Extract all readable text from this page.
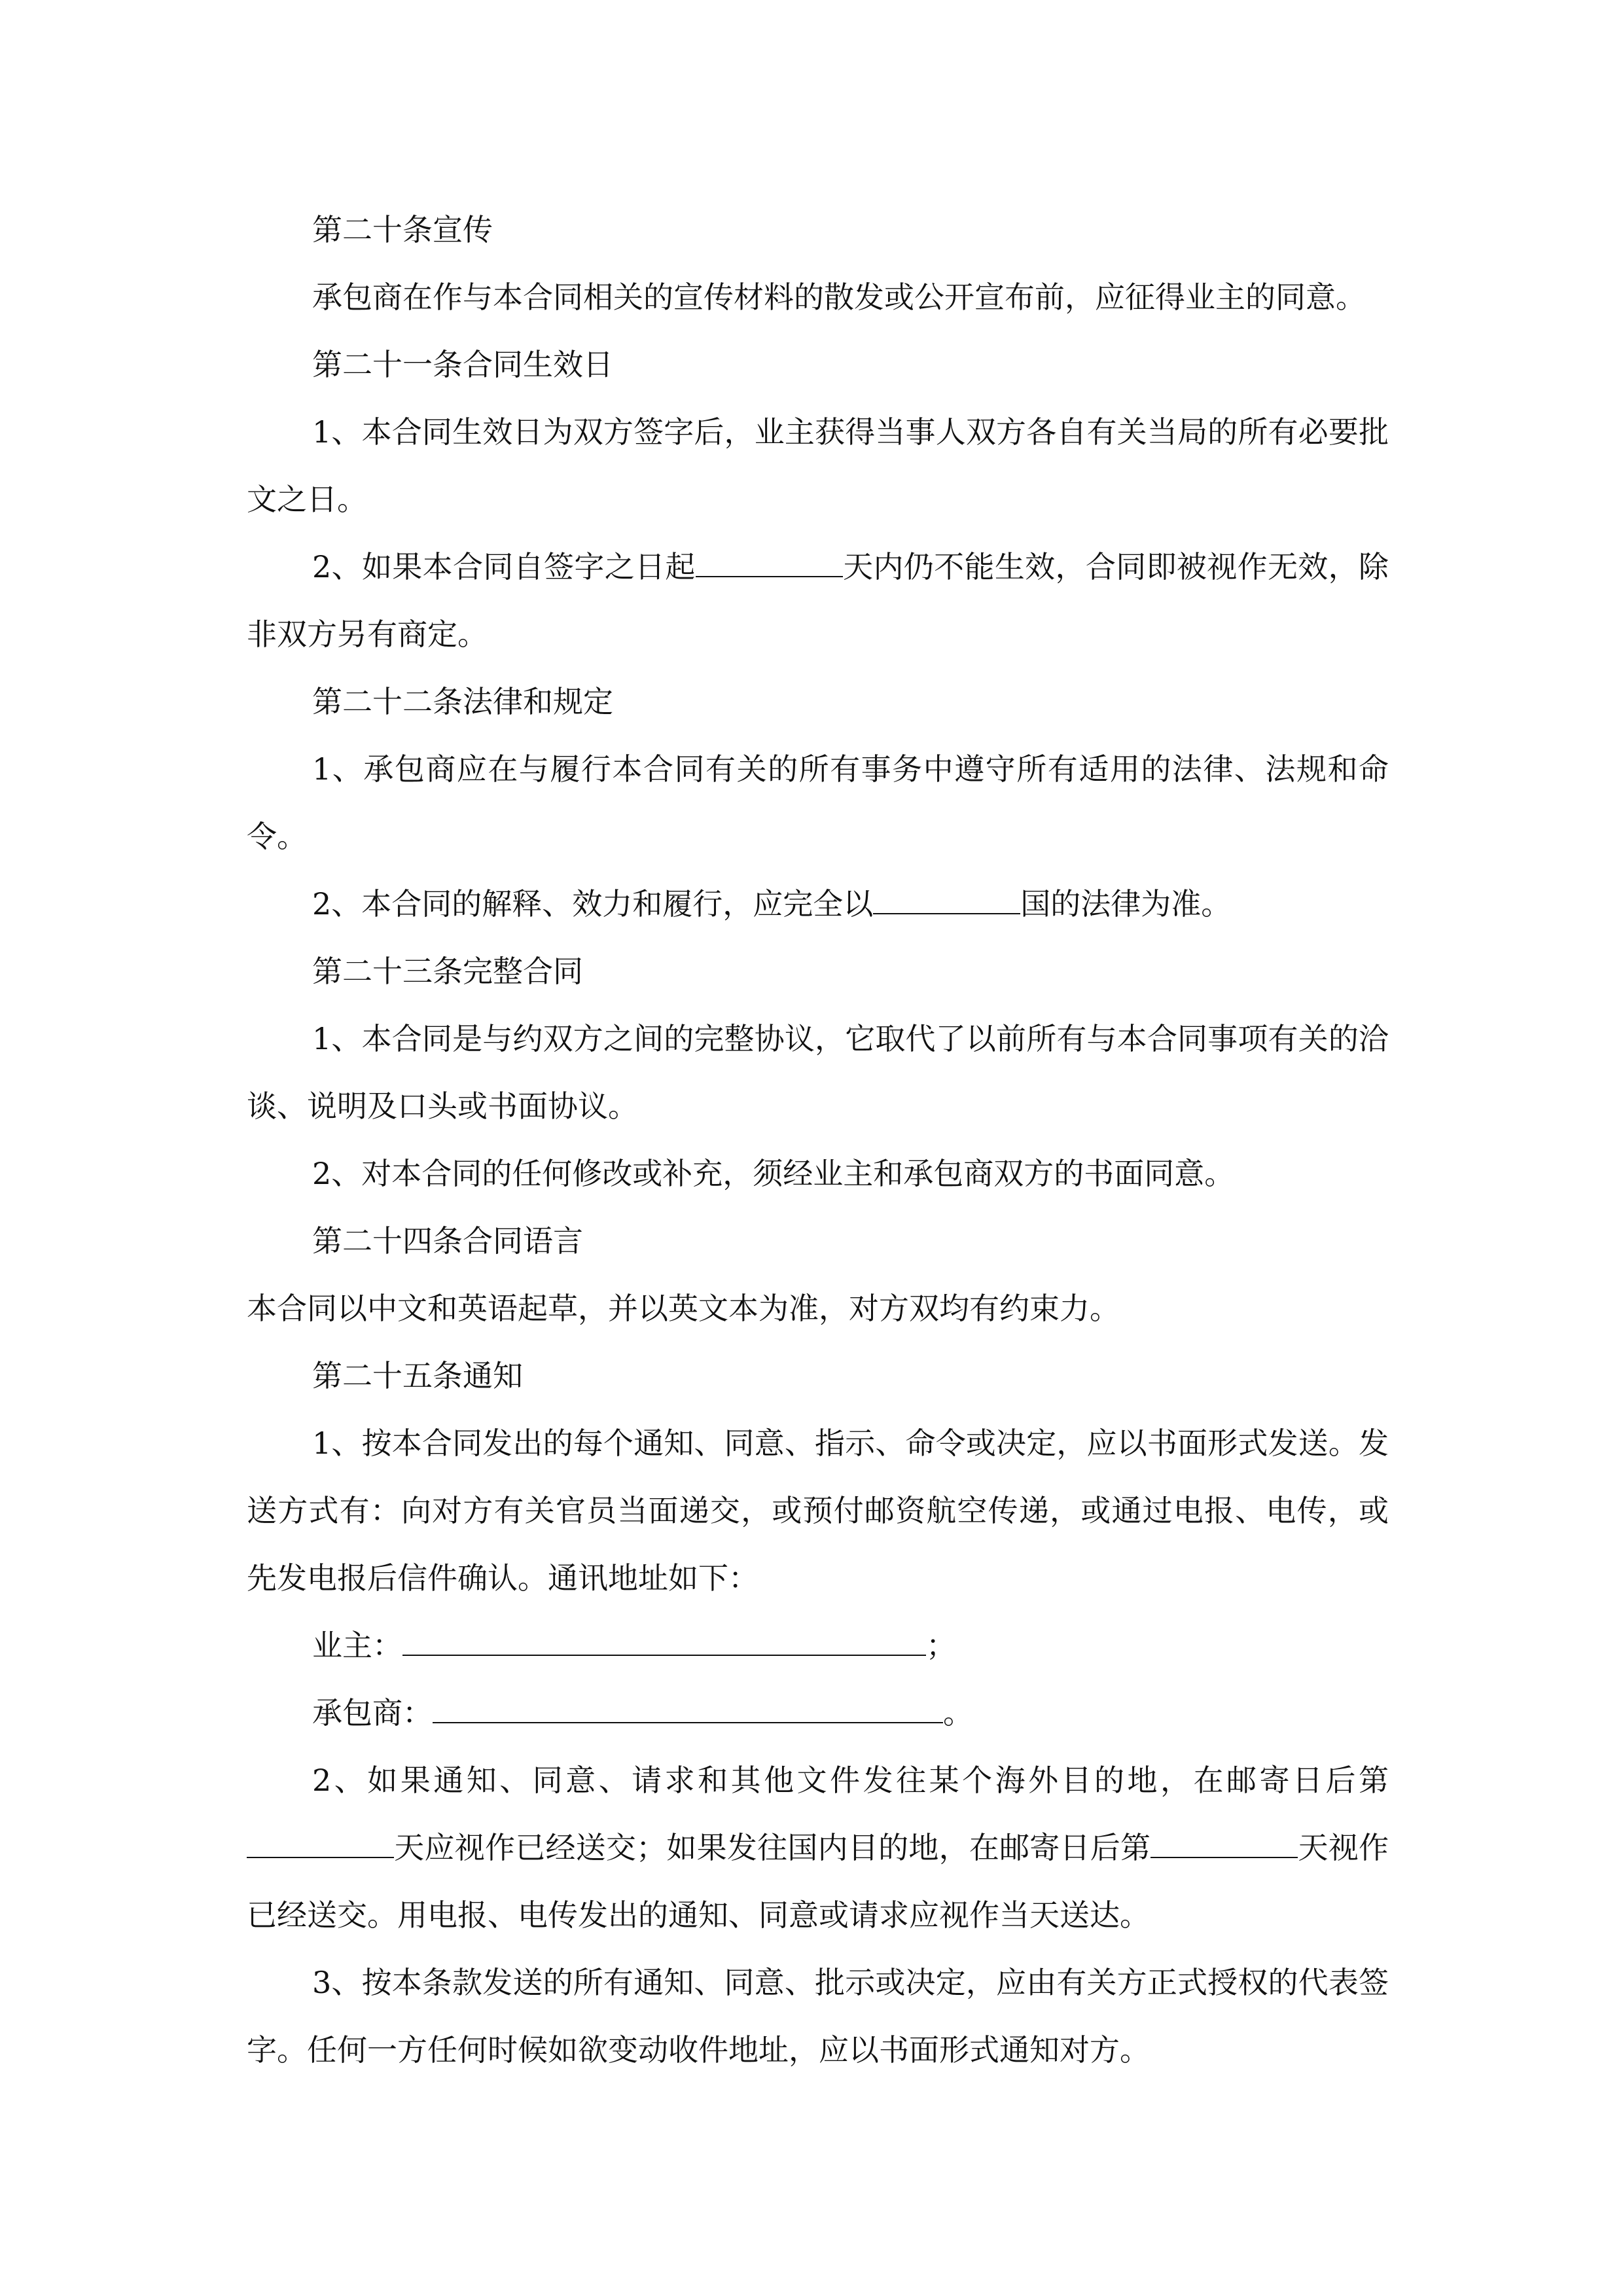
第二十条宣传

承包商在作与本合同相关的宣传材料的散发或公开宣布前，应征得业主的同意。

第二十一条合同生效日

1、本合同生效日为双方签字后，业主获得当事人双方各自有关当局的所有必要批文之日。

2、如果本合同自签字之日起	天内仍不能生效，合同即被视作无效，除非双方另有商定。

第二十二条法律和规定

1、承包商应在与履行本合同有关的所有事务中遵守所有适用的法律、法规和命令。

2、本合同的解释、效力和履行，应完全以	国的法律为准。

第二十三条完整合同

1、本合同是与约双方之间的完整协议，它取代了以前所有与本合同事项有关的洽谈、说明及口头或书面协议。

2、对本合同的任何修改或补充，须经业主和承包商双方的书面同意。

第二十四条合同语言

本合同以中文和英语起草，并以英文本为准，对方双均有约束力。

第二十五条通知

1、按本合同发出的每个通知、同意、指示、命令或决定，应以书面形式发送。发送方式有：向对方有关官员当面递交，或预付邮资航空传递，或通过电报、电传，或先发电报后信件确认。通讯地址如下：

业主：	；

承包商：	。

2、如果通知、同意、请求和其他文件发往某个海外目的地，在邮寄日后第天应视作已经送交；如果发往国内目的地，在邮寄日后第	天视作已经送交。用电报、电传发出的通知、同意或请求应视作当天送达。

3、按本条款发送的所有通知、同意、批示或决定，应由有关方正式授权的代表签字。任何一方任何时候如欲变动收件地址，应以书面形式通知对方。
